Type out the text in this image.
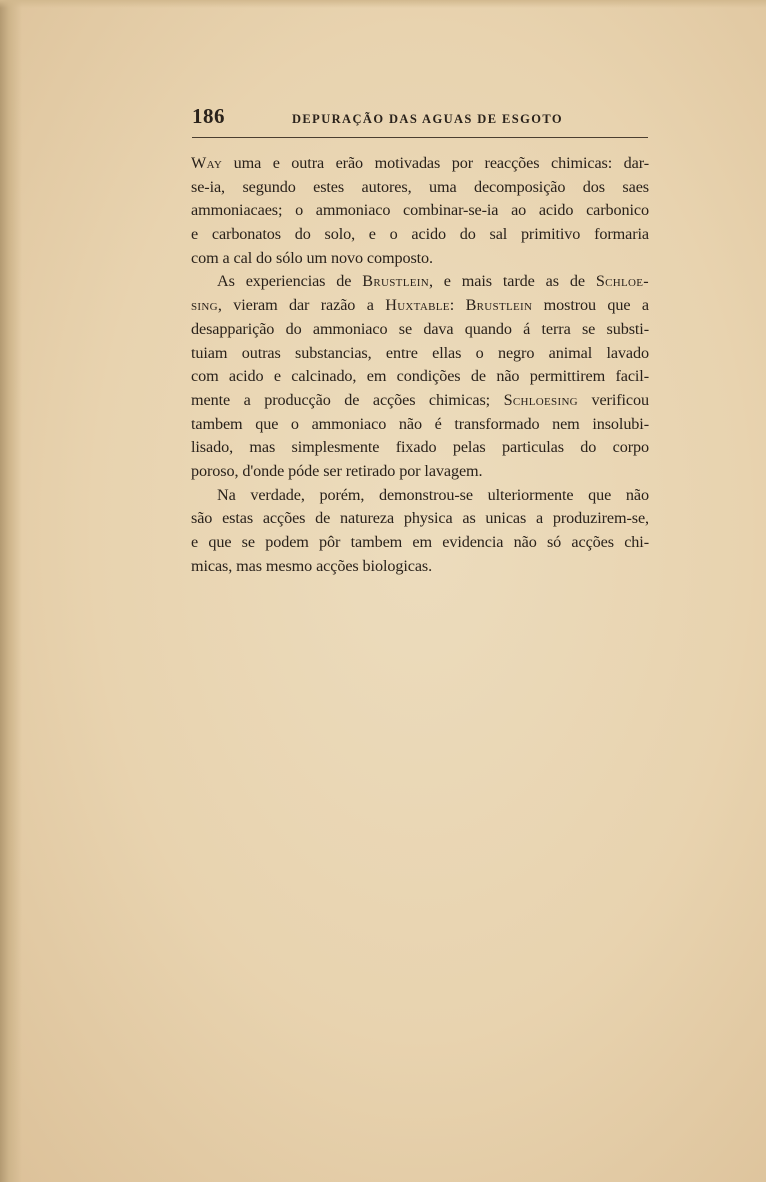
186	DEPURAÇÃO DAS AGUAS DE ESGOTO
Way uma e outra erão motivadas por reacções chimicas: dar-
se-ia, segundo estes autores, uma decomposição dos saes
ammoniacaes; o ammoniaco combinar-se-ia ao acido carbonico
e carbonatos do solo, e o acido do sal primitivo formaria
com a cal do sólo um novo composto.
As experiencias de Brustlein, e mais tarde as de Schloe-
sing, vieram dar razão a Huxtable: Brustlein mostrou que a
desapparição do ammoniaco se dava quando á terra se substi-
tuiam outras substancias, entre ellas o negro animal lavado
com acido e calcinado, em condições de não permittirem facil-
mente a producção de acções chimicas; Schloesing verificou
tambem que o ammoniaco não é transformado nem insolubi-
lisado, mas simplesmente fixado pelas particulas do corpo
poroso, d'onde póde ser retirado por lavagem.
Na verdade, porém, demonstrou-se ulteriormente que não
são estas acções de natureza physica as unicas a produzirem-se,
e que se podem pôr tambem em evidencia não só acções chi-
micas, mas mesmo acções biologicas.
